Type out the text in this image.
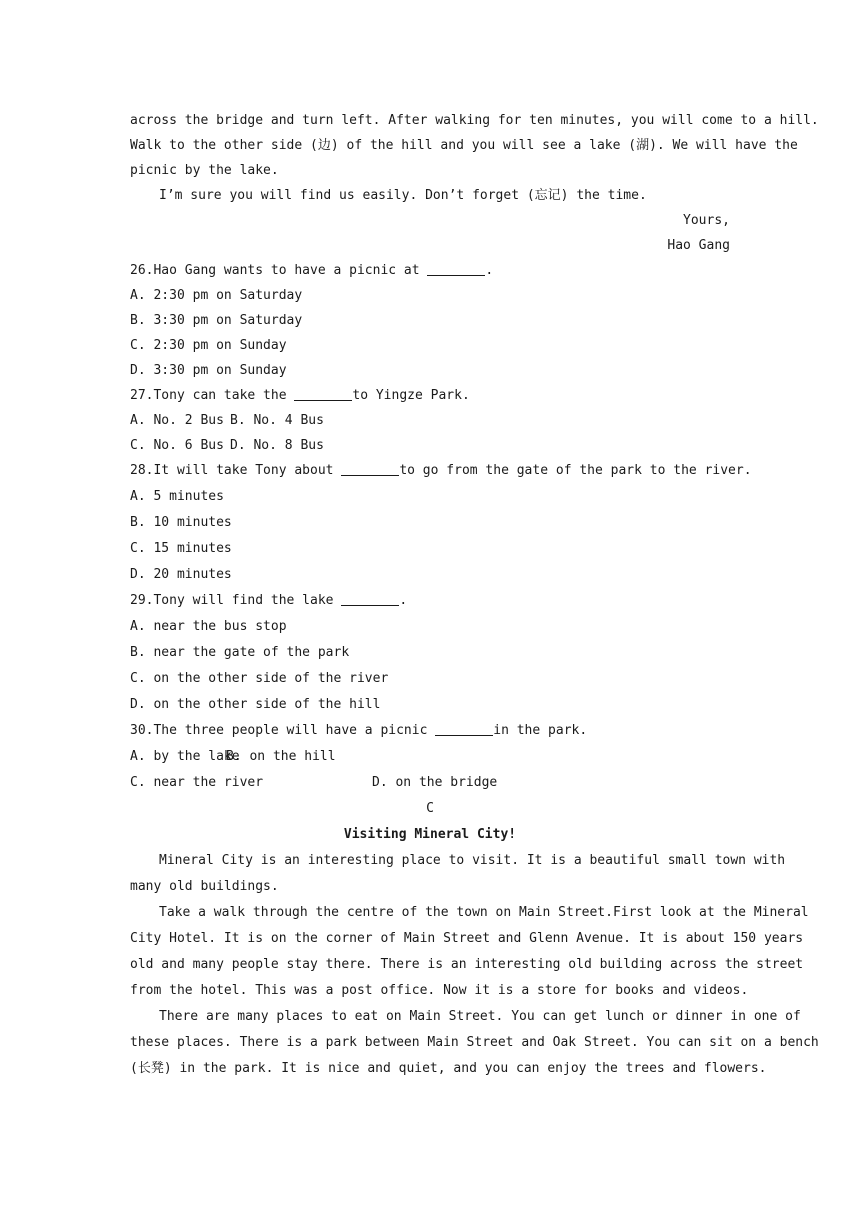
across the bridge and turn left. After walking for ten minutes, you will come to a hill.
Walk to the other side (边) of the hill and you will see a lake (湖). We will have the
picnic by the lake.
I’m sure you will find us easily. Don’t forget (忘记) the time.
Yours,
Hao Gang
26.Hao Gang wants to have a picnic at	.
A. 2:30 pm on Saturday
B. 3:30 pm on Saturday
C. 2:30 pm on Sunday
D. 3:30 pm on Sunday
27.Tony can take the	to Yingze Park.
A. No. 2 Bus B. No. 4 Bus
C. No. 6 Bus D. No. 8 Bus
28.It will take Tony about	to go from the gate of the park to the river.
A. 5 minutes
B. 10 minutes
C. 15 minutes
D. 20 minutes
29.Tony will find the lake	.
A. near the bus stop
B. near the gate of the park
C. on the other side of the river
D. on the other side of the hill
30.The three people will have a picnic	in the park.
A. by the lakeB. on the hill
C. near the river	D. on the bridge
C
Visiting Mineral City!
Mineral City is an interesting place to visit. It is a beautiful small town with
many old buildings.
Take a walk through the centre of the town on Main Street.First look at the Mineral
City Hotel. It is on the corner of Main Street and Glenn Avenue. It is about 150 years
old and many people stay there. There is an interesting old building across the street
from the hotel. This was a post office. Now it is a store for books and videos.
There are many places to eat on Main Street. You can get lunch or dinner in one of
these places. There is a park between Main Street and Oak Street. You can sit on a bench
(长凳) in the park. It is nice and quiet, and you can enjoy the trees and flowers.
